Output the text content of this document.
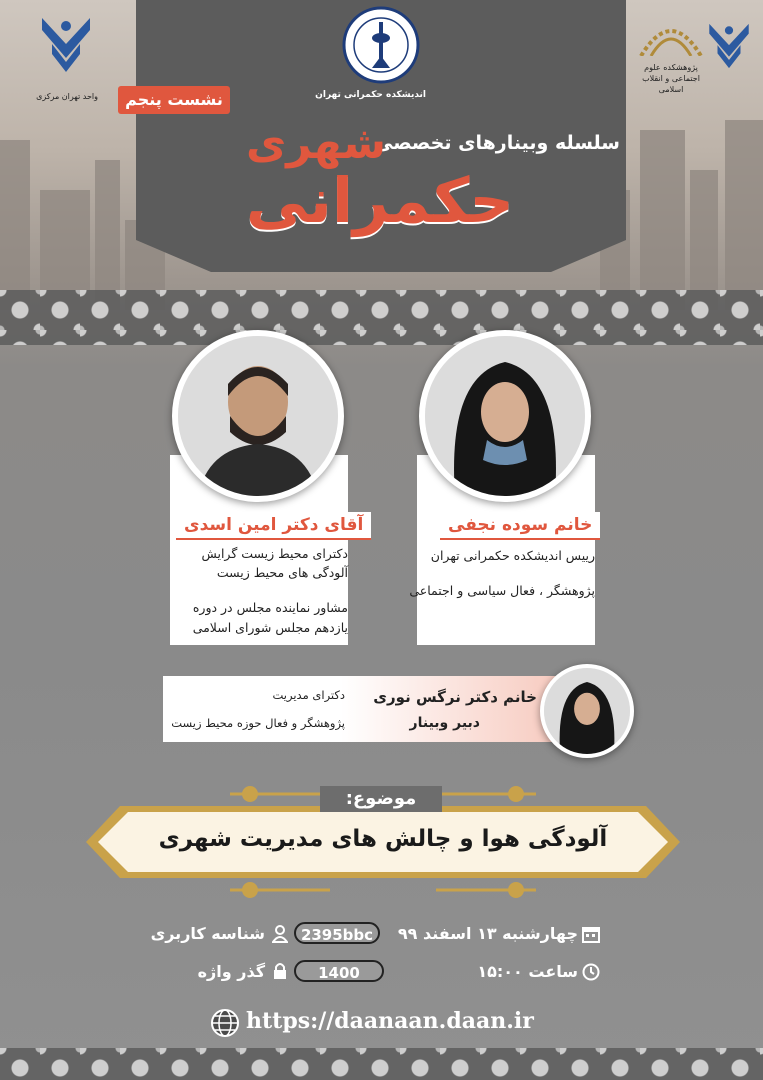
واحد تهران مرکزی
پژوهشکده علوم اجتماعی و انقلاب اسلامی
اندیشکده حکمرانی تهران
نشست پنجم
سلسله وبینارهای تخصصی
شهری
حکمرانی
آقای دکتر امین اسدی
دکترای محیط زیست گرایش
آلودگی های محیط زیست
مشاور نماینده مجلس در دوره
یازدهم مجلس شورای اسلامی
خانم سوده نجفی
رییس اندیشکده حکمرانی تهران
پژوهشگر ، فعال سیاسی و اجتماعی
خانم دکتر نرگس نوری
دبیر وبینار
دکترای مدیریت
پژوهشگر و فعال حوزه محیط زیست
موضوع:
آلودگی هوا و چالش های مدیریت شهری
چهارشنبه ۱۳ اسفند ۹۹
ساعت ۱۵:۰۰
شناسه کاربری	2395bbc
گذر واژه	1400
https://daanaan.daan.ir
